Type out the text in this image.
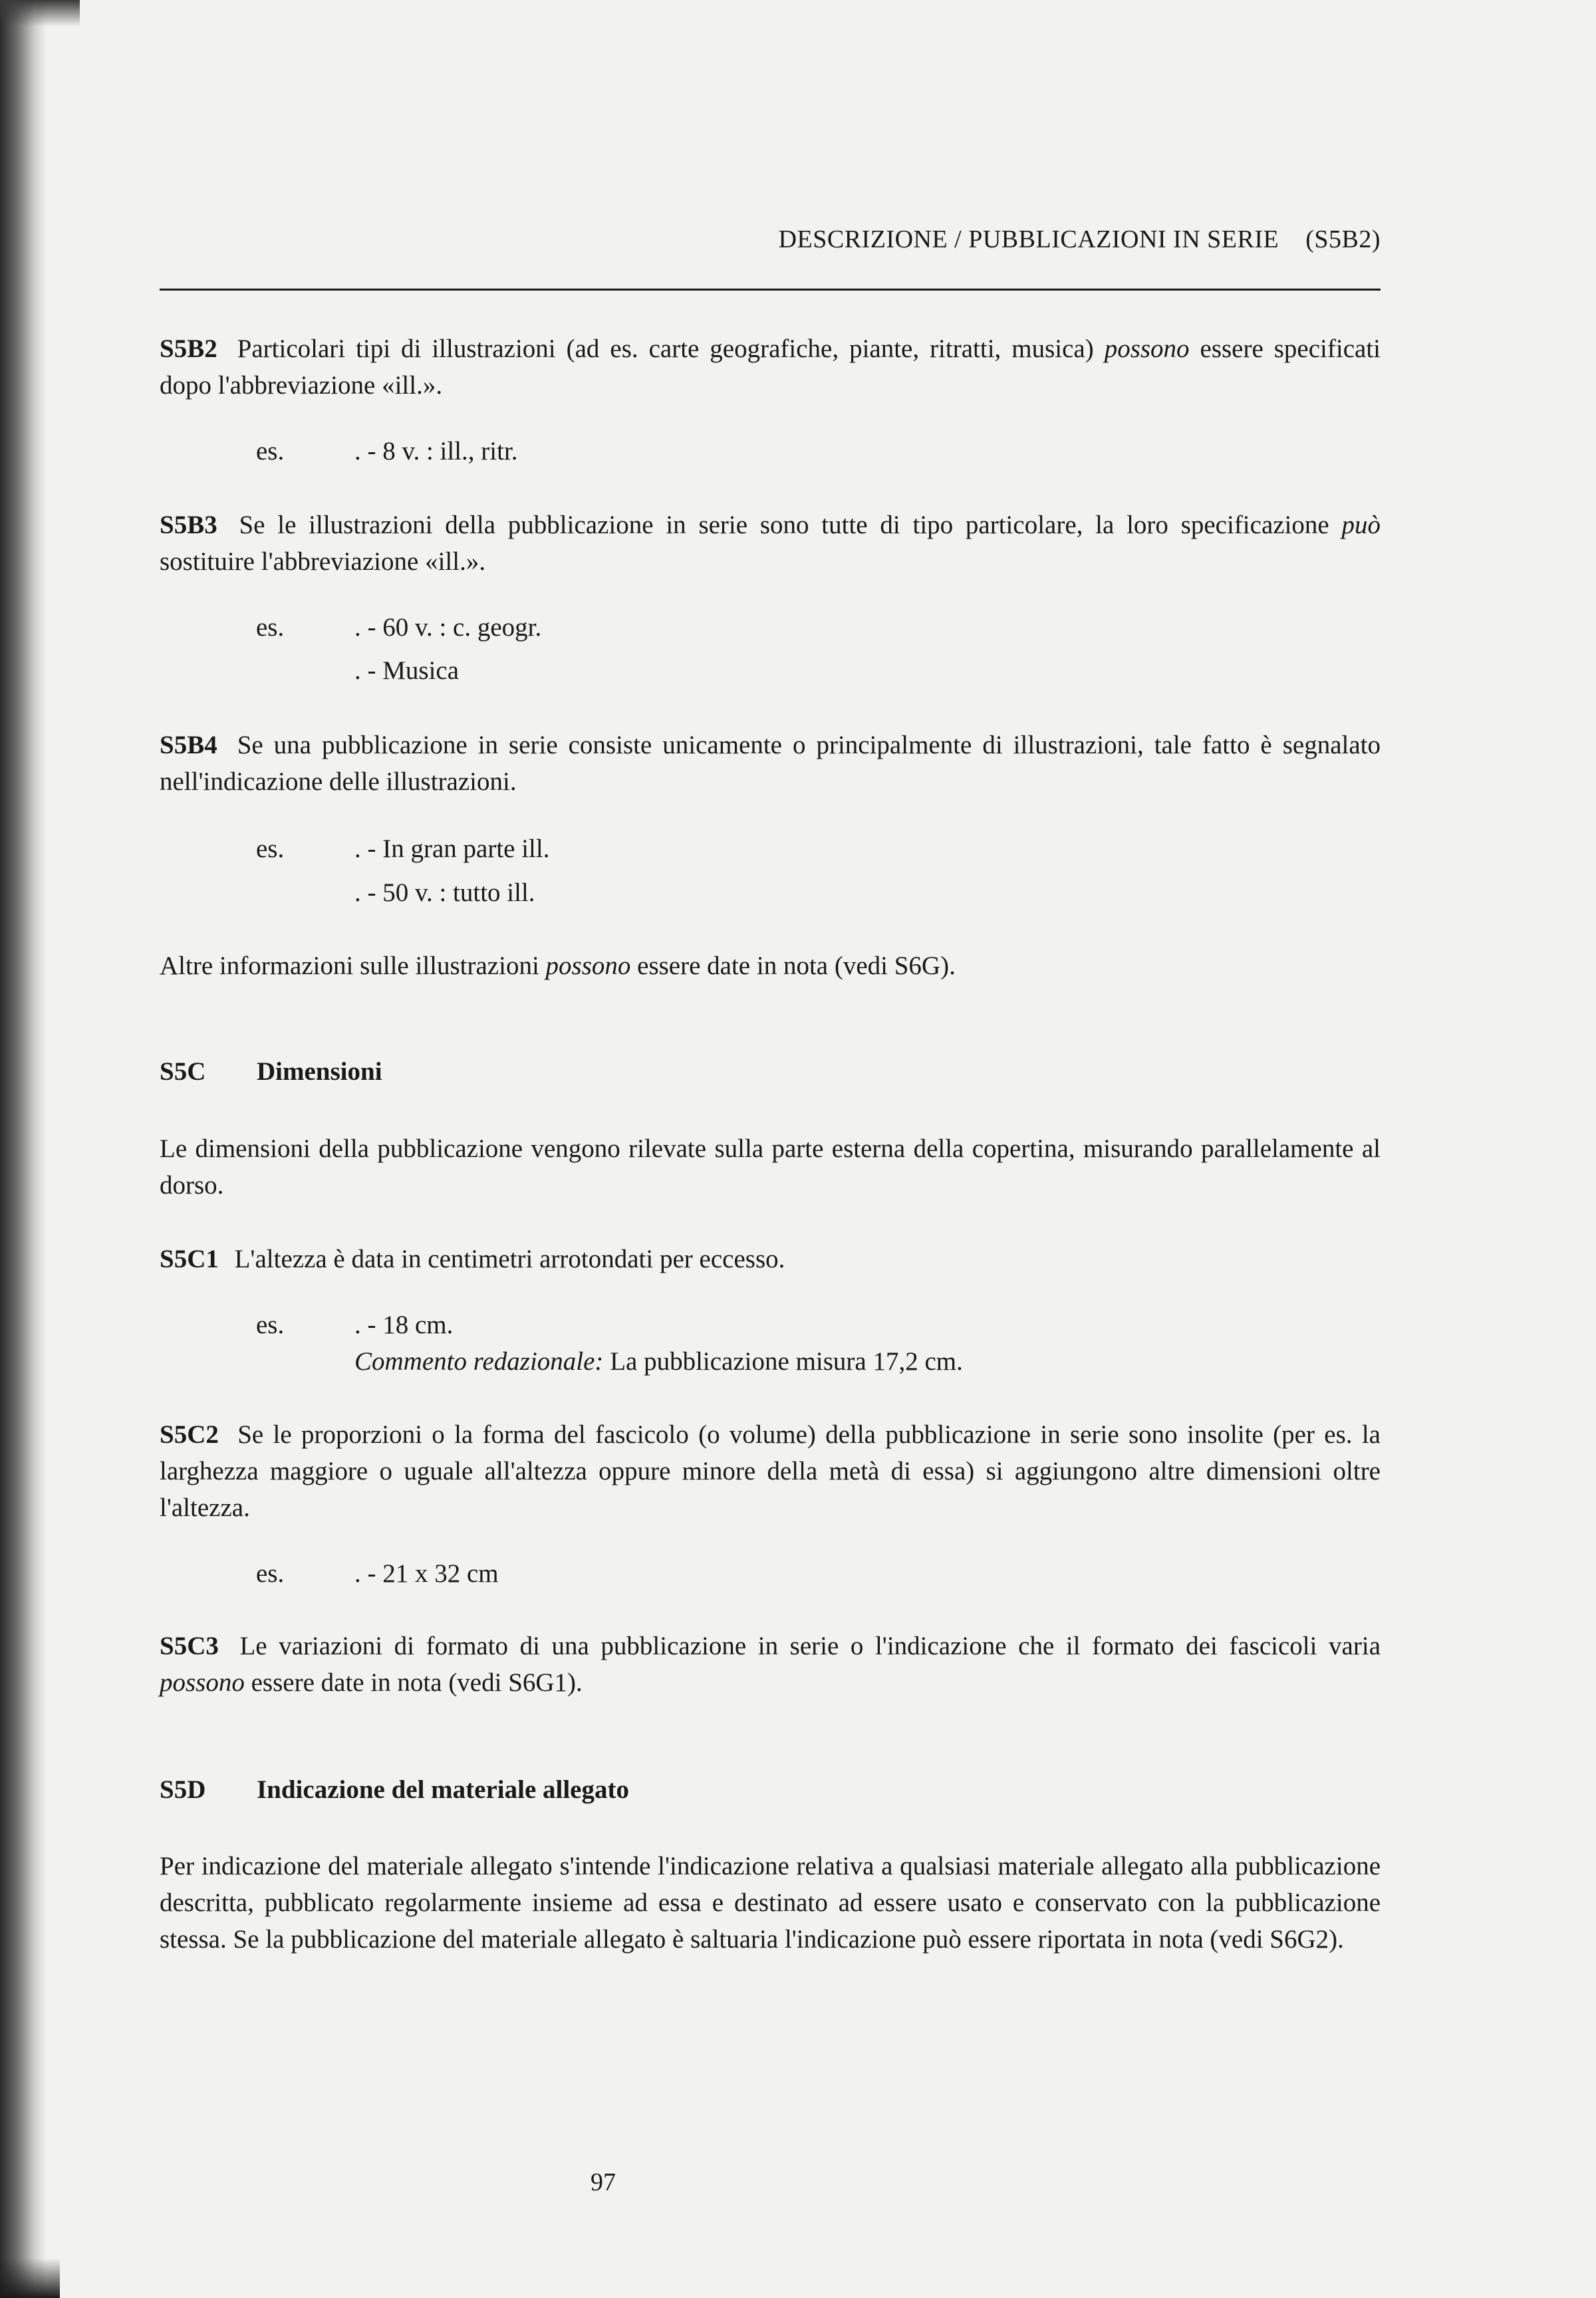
DESCRIZIONE / PUBBLICAZIONI IN SERIE (S5B2)
S5B2 Particolari tipi di illustrazioni (ad es. carte geografiche, piante, ritratti, musica) possono essere specificati dopo l'abbreviazione «ill.».
es.	. - 8 v. : ill., ritr.
S5B3 Se le illustrazioni della pubblicazione in serie sono tutte di tipo particolare, la loro specificazione può sostituire l'abbreviazione «ill.».
es.	. - 60 v. : c. geogr.
. - Musica
S5B4 Se una pubblicazione in serie consiste unicamente o principalmente di illustrazioni, tale fatto è segnalato nell'indicazione delle illustrazioni.
es.	. - In gran parte ill.
. - 50 v. : tutto ill.
Altre informazioni sulle illustrazioni possono essere date in nota (vedi S6G).
S5C Dimensioni
Le dimensioni della pubblicazione vengono rilevate sulla parte esterna della copertina, misurando parallelamente al dorso.
S5C1 L'altezza è data in centimetri arrotondati per eccesso.
es.	. - 18 cm.
Commento redazionale: La pubblicazione misura 17,2 cm.
S5C2 Se le proporzioni o la forma del fascicolo (o volume) della pubblicazione in serie sono insolite (per es. la larghezza maggiore o uguale all'altezza oppure minore della metà di essa) si aggiungono altre dimensioni oltre l'altezza.
es.	. - 21 x 32 cm
S5C3 Le variazioni di formato di una pubblicazione in serie o l'indicazione che il formato dei fascicoli varia possono essere date in nota (vedi S6G1).
S5D Indicazione del materiale allegato
Per indicazione del materiale allegato s'intende l'indicazione relativa a qualsiasi materiale allegato alla pubblicazione descritta, pubblicato regolarmente insieme ad essa e destinato ad essere usato e conservato con la pubblicazione stessa. Se la pubblicazione del materiale allegato è saltuaria l'indicazione può essere riportata in nota (vedi S6G2).
97
